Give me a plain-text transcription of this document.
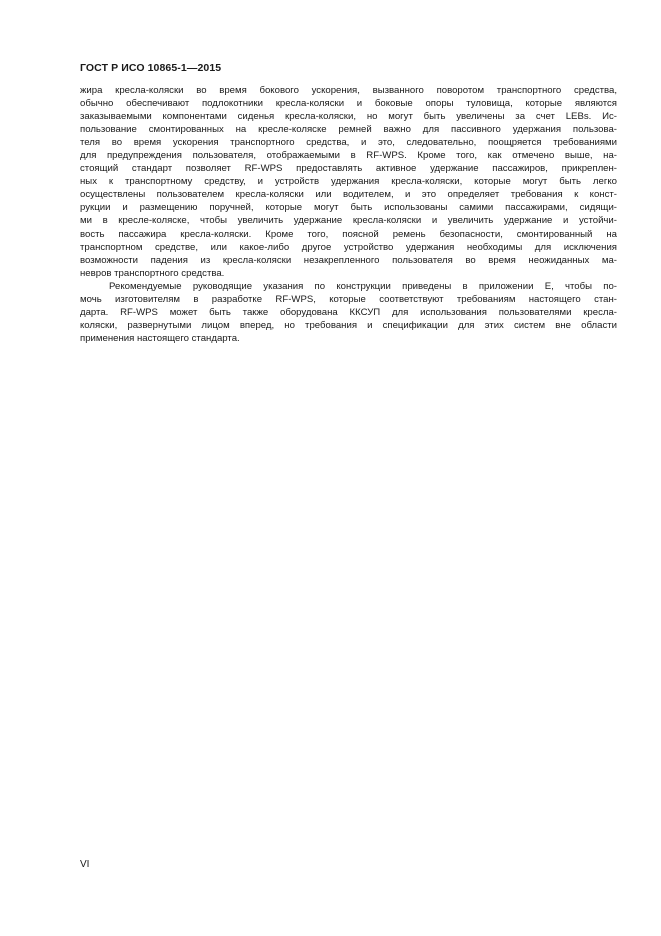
ГОСТ Р ИСО 10865-1—2015
жира кресла-коляски во время бокового ускорения, вызванного поворотом транспортного средства,
обычно обеспечивают подлокотники кресла-коляски и боковые опоры туловища, которые являются
заказываемыми компонентами сиденья кресла-коляски, но могут быть увеличены за счет LEBs. Ис-
пользование смонтированных на кресле-коляске ремней важно для пассивного удержания пользова-
теля во время ускорения транспортного средства, и это, следовательно, поощряется требованиями
для предупреждения пользователя, отображаемыми в RF-WPS. Кроме того, как отмечено выше, на-
стоящий стандарт позволяет RF-WPS предоставлять активное удержание пассажиров, прикреплен-
ных к транспортному средству, и устройств удержания кресла-коляски, которые могут быть легко
осуществлены пользователем кресла-коляски или водителем, и это определяет требования к конст-
рукции и размещению поручней, которые могут быть использованы самими пассажирами, сидящи-
ми в кресле-коляске, чтобы увеличить удержание кресла-коляски и увеличить удержание и устойчи-
вость пассажира кресла-коляски. Кроме того, поясной ремень безопасности, смонтированный на
транспортном средстве, или какое-либо другое устройство удержания необходимы для исключения
возможности падения из кресла-коляски незакрепленного пользователя во время неожиданных ма-
невров транспортного средства.
Рекомендуемые руководящие указания по конструкции приведены в приложении Е, чтобы по-
мочь изготовителям в разработке RF-WPS, которые соответствуют требованиям настоящего стан-
дарта. RF-WPS может быть также оборудована ККСУП для использования пользователями кресла-
коляски, развернутыми лицом вперед, но требования и спецификации для этих систем вне области
применения настоящего стандарта.
VI
